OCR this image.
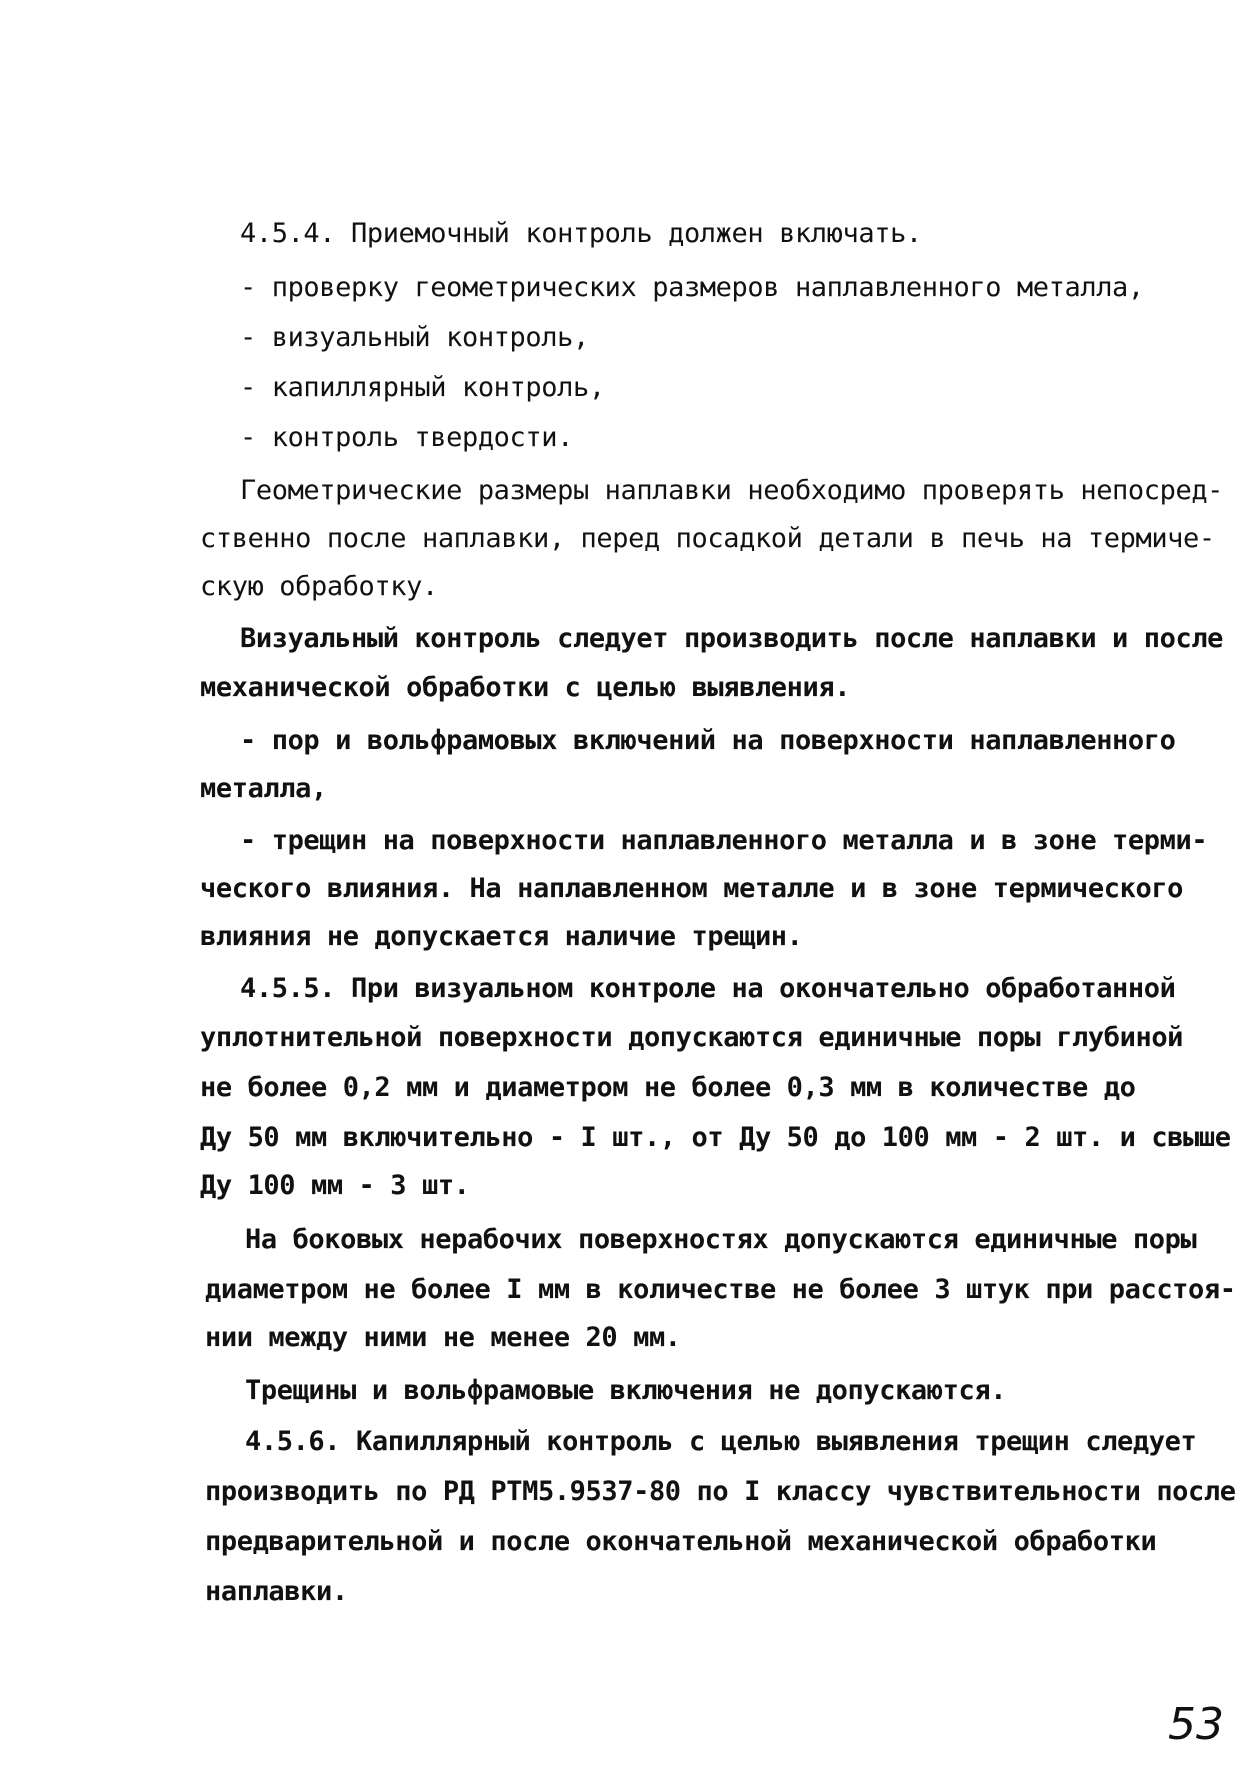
4.5.4. Приемочный контроль должен включать.
- проверку геометрических размеров наплавленного металла,
- визуальный контроль,
- капиллярный контроль,
- контроль твердости.
Геометрические размеры наплавки необходимо проверять непосред-
ственно после наплавки, перед посадкой детали в печь на термиче-
скую обработку.
Визуальный контроль следует производить после наплавки и после
механической обработки с целью выявления.
- пор и вольфрамовых включений на поверхности наплавленного
металла,
- трещин на поверхности наплавленного металла и в зоне терми-
ческого влияния. На наплавленном металле и в зоне термического
влияния не допускается наличие трещин.
4.5.5. При визуальном контроле на окончательно обработанной
уплотнительной поверхности допускаются единичные поры глубиной
не более 0,2 мм и диаметром не более 0,3 мм в количестве до
Ду 50 мм включительно - I шт., от Ду 50 до 100 мм - 2 шт. и свыше
Ду 100 мм - 3 шт.
На боковых нерабочих поверхностях допускаются единичные поры
диаметром не более I мм в количестве не более 3 штук при расстоя-
нии между ними не менее 20 мм.
Трещины и вольфрамовые включения не допускаются.
4.5.6. Капиллярный контроль с целью выявления трещин следует
производить по РД РТМ5.9537-80 по I классу чувствительности после
предварительной и после окончательной механической обработки
наплавки.
53
